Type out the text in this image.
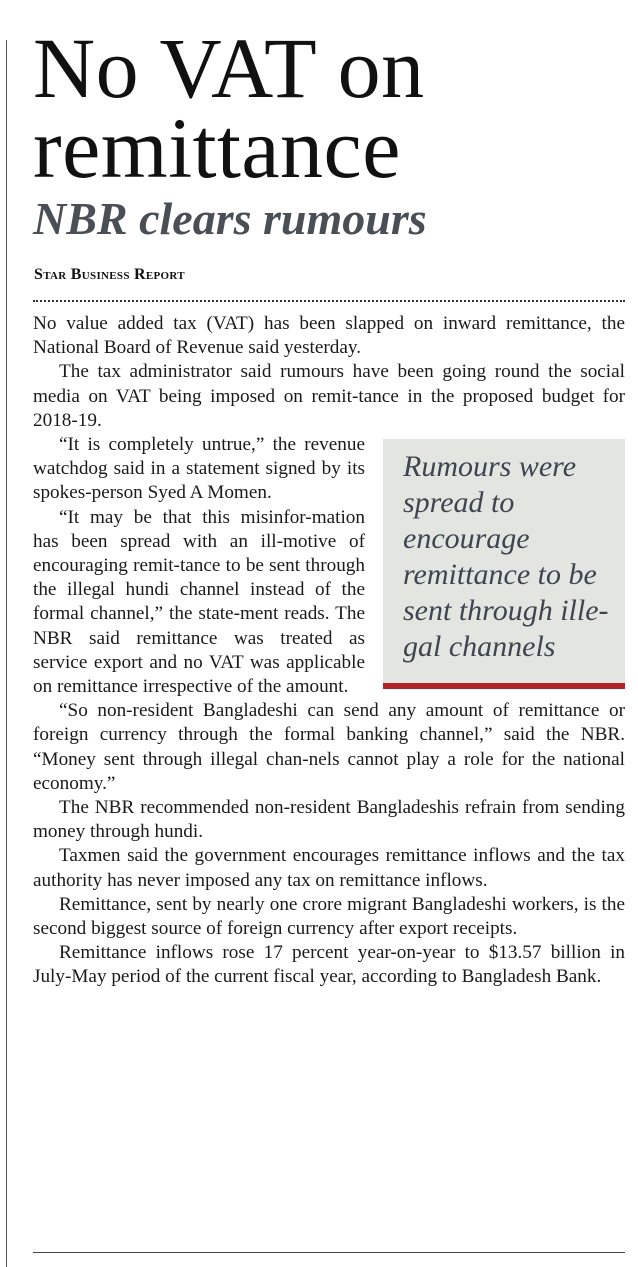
No VAT on remittance
NBR clears rumours
Star Business Report

No value added tax (VAT) has been slapped on inward remittance, the National Board of Revenue said yesterday.

The tax administrator said rumours have been going round the social media on VAT being imposed on remit-tance in the proposed budget for 2018-19.

Rumours were spread to encourage remittance to be sent through ille-gal channels

“It is completely untrue,” the revenue watchdog said in a statement signed by its spokes-person Syed A Momen.

“It may be that this misinfor-mation has been spread with an ill-motive of encouraging remit-tance to be sent through the illegal hundi channel instead of the formal channel,” the state-ment reads. The NBR said remittance was treated as service export and no VAT was applicable on remittance irrespective of the amount.

“So non-resident Bangladeshi can send any amount of remittance or foreign currency through the formal banking channel,” said the NBR. “Money sent through illegal chan-nels cannot play a role for the national economy.”

The NBR recommended non-resident Bangladeshis refrain from sending money through hundi.

Taxmen said the government encourages remittance inflows and the tax authority has never imposed any tax on remittance inflows.

Remittance, sent by nearly one crore migrant Bangladeshi workers, is the second biggest source of foreign currency after export receipts.

Remittance inflows rose 17 percent year-on-year to $13.57 billion in July-May period of the current fiscal year, according to Bangladesh Bank.
